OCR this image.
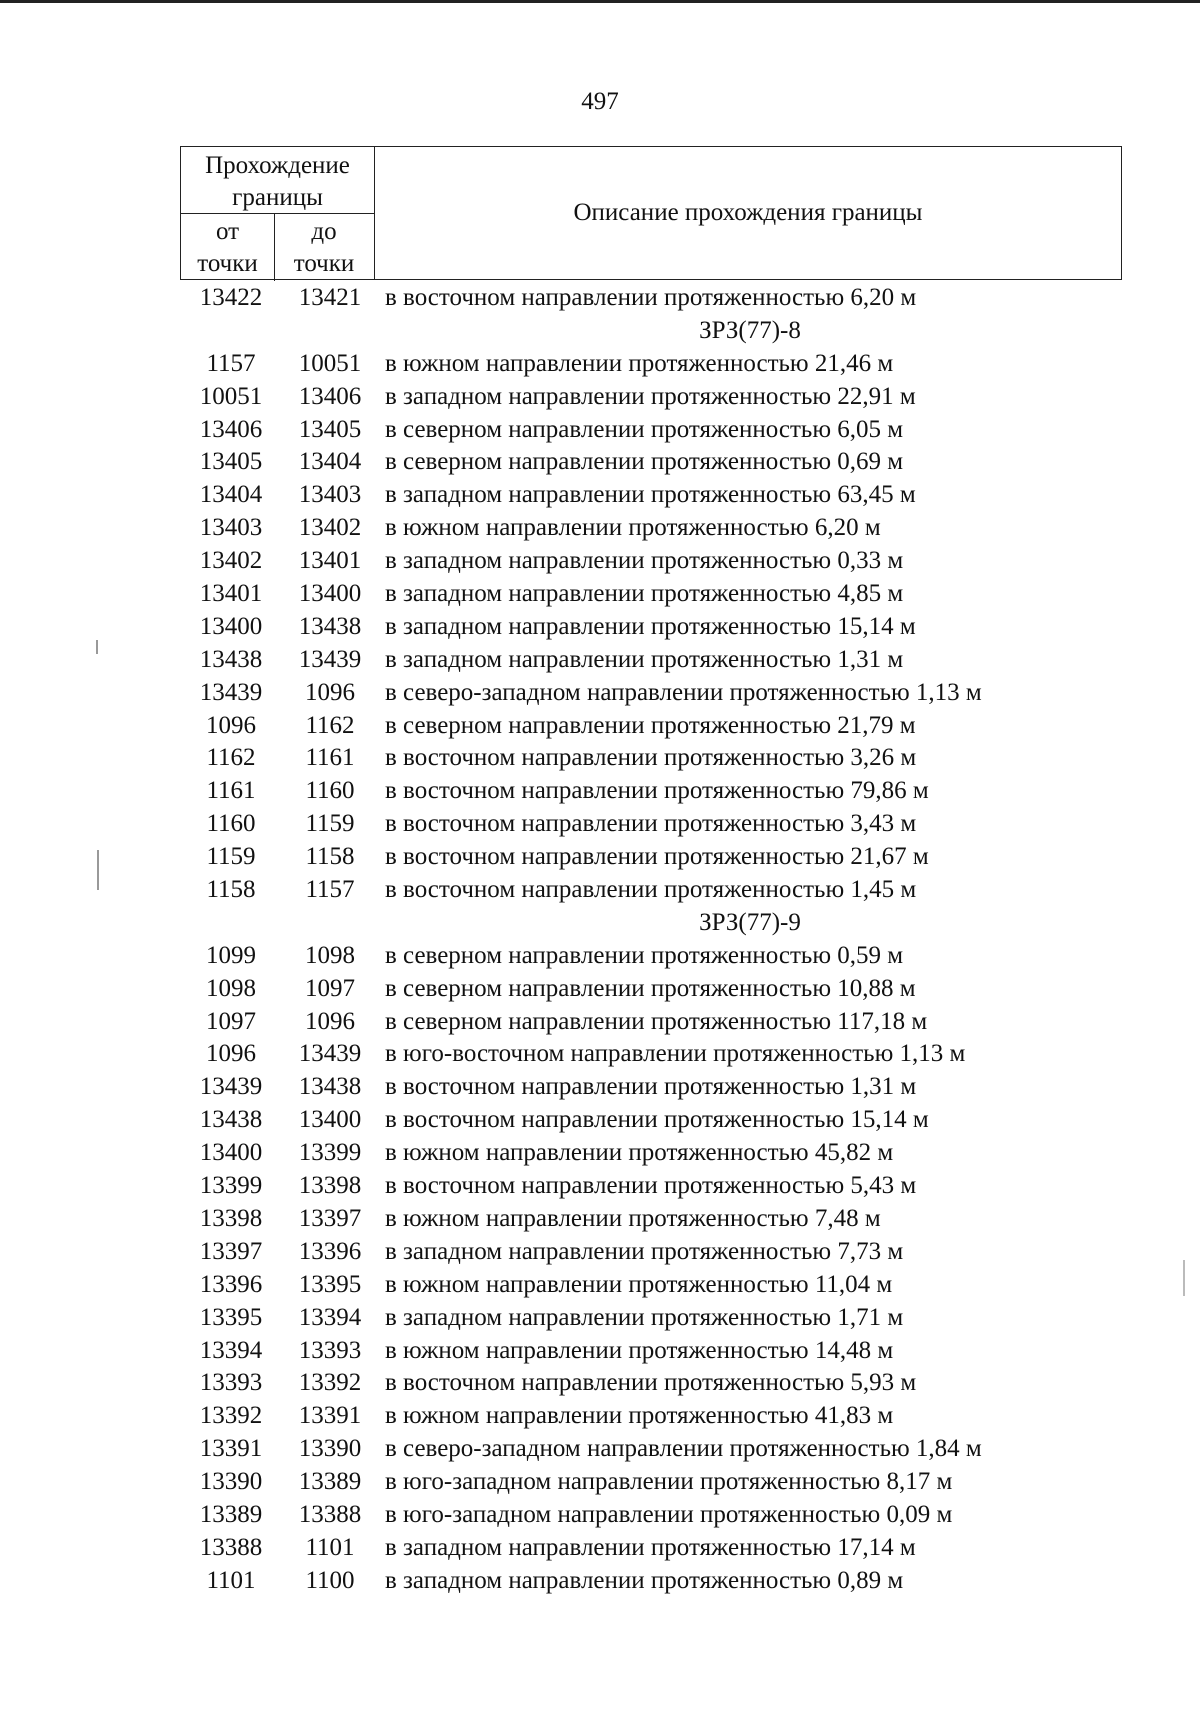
497
Прохождение
границы
от
точки
до
точки
Описание прохождения границы
13422	13421 в восточном направлении протяженностью 6,20 м
ЗРЗ(77)-8
1157	10051 в южном направлении протяженностью 21,46 м
10051	13406 в западном направлении протяженностью 22,91 м
13406	13405 в северном направлении протяженностью 6,05 м
13405	13404 в северном направлении протяженностью 0,69 м
13404	13403 в западном направлении протяженностью 63,45 м
13403	13402 в южном направлении протяженностью 6,20 м
13402	13401 в западном направлении протяженностью 0,33 м
13401	13400 в западном направлении протяженностью 4,85 м
13400	13438 в западном направлении протяженностью 15,14 м
13438	13439 в западном направлении протяженностью 1,31 м
13439	1096	в северо-западном направлении протяженностью 1,13 м
1096	1162	в северном направлении протяженностью 21,79 м
1162	1161	в восточном направлении протяженностью 3,26 м
1161	1160	в восточном направлении протяженностью 79,86 м
1160	1159	в восточном направлении протяженностью 3,43 м
1159	1158	в восточном направлении протяженностью 21,67 м
1158	1157	в восточном направлении протяженностью 1,45 м
ЗРЗ(77)-9
1099	1098	в северном направлении протяженностью 0,59 м
1098	1097	в северном направлении протяженностью 10,88 м
1097	1096	в северном направлении протяженностью 117,18 м
1096	13439 в юго-восточном направлении протяженностью 1,13 м
13439	13438 в восточном направлении протяженностью 1,31 м
13438	13400 в восточном направлении протяженностью 15,14 м
13400	13399 в южном направлении протяженностью 45,82 м
13399	13398 в восточном направлении протяженностью 5,43 м
13398	13397 в южном направлении протяженностью 7,48 м
13397	13396 в западном направлении протяженностью 7,73 м
13396	13395 в южном направлении протяженностью 11,04 м
13395	13394 в западном направлении протяженностью 1,71 м
13394	13393 в южном направлении протяженностью 14,48 м
13393	13392 в восточном направлении протяженностью 5,93 м
13392	13391 в южном направлении протяженностью 41,83 м
13391	13390 в северо-западном направлении протяженностью 1,84 м
13390	13389 в юго-западном направлении протяженностью 8,17 м
13389	13388 в юго-западном направлении протяженностью 0,09 м
13388	1101	в западном направлении протяженностью 17,14 м
1101	1100	в западном направлении протяженностью 0,89 м
